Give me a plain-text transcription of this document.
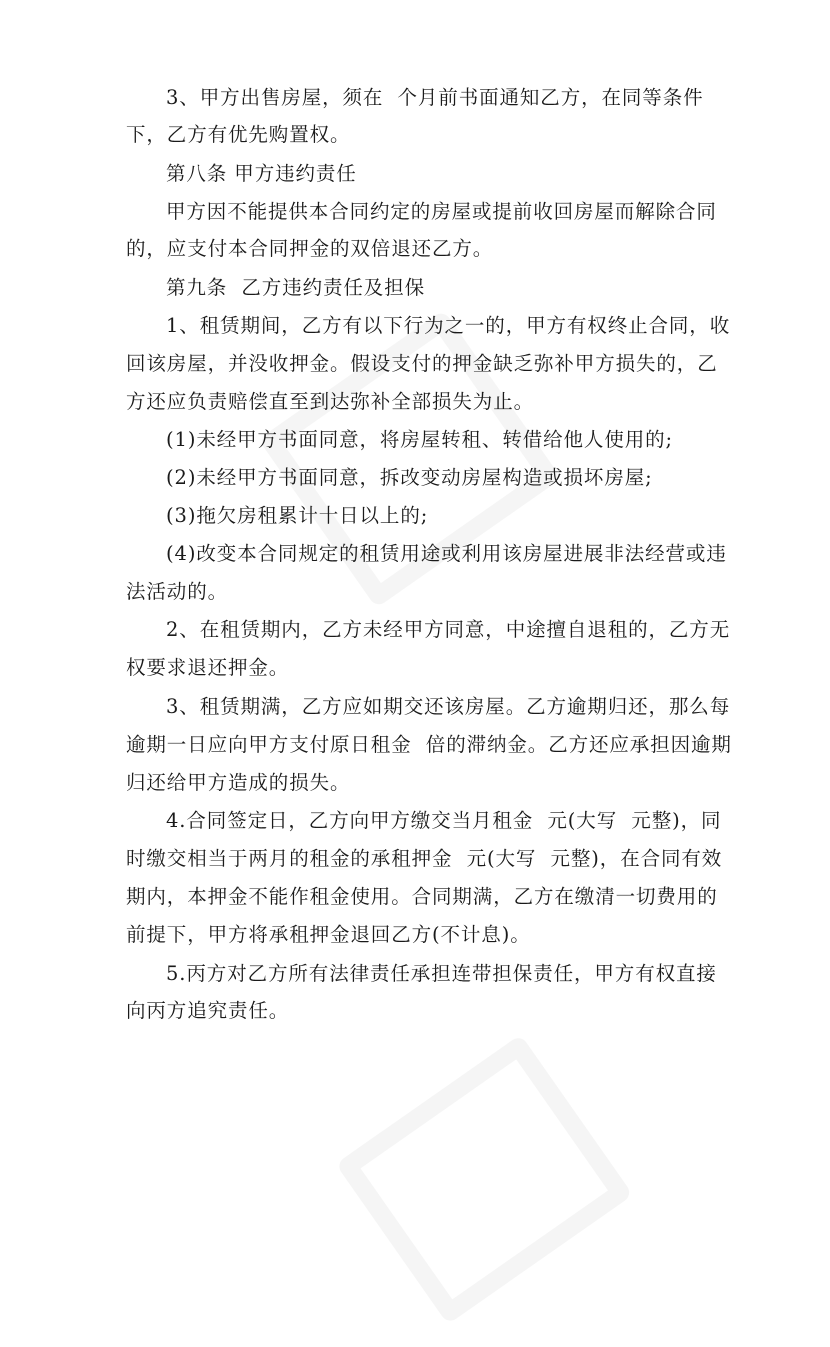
3、甲方出售房屋，须在  个月前书面通知乙方，在同等条件
下，乙方有优先购置权。
第八条 甲方违约责任
甲方因不能提供本合同约定的房屋或提前收回房屋而解除合同
的，应支付本合同押金的双倍退还乙方。
第九条  乙方违约责任及担保
1、租赁期间，乙方有以下行为之一的，甲方有权终止合同，收
回该房屋，并没收押金。假设支付的押金缺乏弥补甲方损失的，乙
方还应负责赔偿直至到达弥补全部损失为止。
(1)未经甲方书面同意，将房屋转租、转借给他人使用的;
(2)未经甲方书面同意，拆改变动房屋构造或损坏房屋;
(3)拖欠房租累计十日以上的;
(4)改变本合同规定的租赁用途或利用该房屋进展非法经营或违
法活动的。
2、在租赁期内，乙方未经甲方同意，中途擅自退租的，乙方无
权要求退还押金。
3、租赁期满，乙方应如期交还该房屋。乙方逾期归还，那么每
逾期一日应向甲方支付原日租金  倍的滞纳金。乙方还应承担因逾期
归还给甲方造成的损失。
4.合同签定日，乙方向甲方缴交当月租金  元(大写  元整)，同
时缴交相当于两月的租金的承租押金  元(大写  元整)，在合同有效
期内，本押金不能作租金使用。合同期满，乙方在缴清一切费用的
前提下，甲方将承租押金退回乙方(不计息)。
5.丙方对乙方所有法律责任承担连带担保责任，甲方有权直接
向丙方追究责任。
